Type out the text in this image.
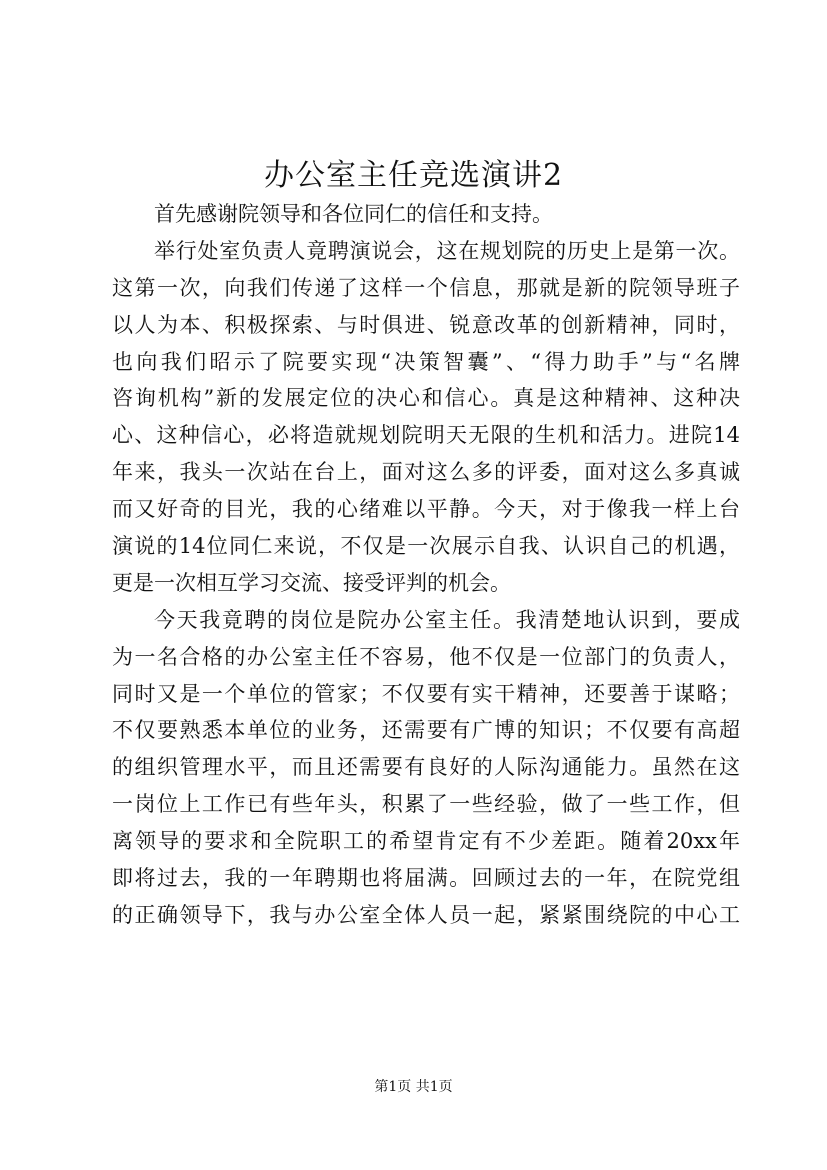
办公室主任竞选演讲2
首先感谢院领导和各位同仁的信任和支持。
举行处室负责人竟聘演说会，这在规划院的历史上是第一次。
这第一次，向我们传递了这样一个信息，那就是新的院领导班子
以人为本、积极探索、与时俱进、锐意改革的创新精神，同时，
也向我们昭示了院要实现“决策智囊”、“得力助手”与“名牌
咨询机构”新的发展定位的决心和信心。真是这种精神、这种决
心、这种信心，必将造就规划院明天无限的生机和活力。进院14
年来，我头一次站在台上，面对这么多的评委，面对这么多真诚
而又好奇的目光，我的心绪难以平静。今天，对于像我一样上台
演说的14位同仁来说，不仅是一次展示自我、认识自己的机遇，
更是一次相互学习交流、接受评判的机会。
今天我竟聘的岗位是院办公室主任。我清楚地认识到，要成
为一名合格的办公室主任不容易，他不仅是一位部门的负责人，
同时又是一个单位的管家；不仅要有实干精神，还要善于谋略；
不仅要熟悉本单位的业务，还需要有广博的知识；不仅要有高超
的组织管理水平，而且还需要有良好的人际沟通能力。虽然在这
一岗位上工作已有些年头，积累了一些经验，做了一些工作，但
离领导的要求和全院职工的希望肯定有不少差距。随着20xx年
即将过去，我的一年聘期也将届满。回顾过去的一年，在院党组
的正确领导下，我与办公室全体人员一起，紧紧围绕院的中心工
第1页 共1页
